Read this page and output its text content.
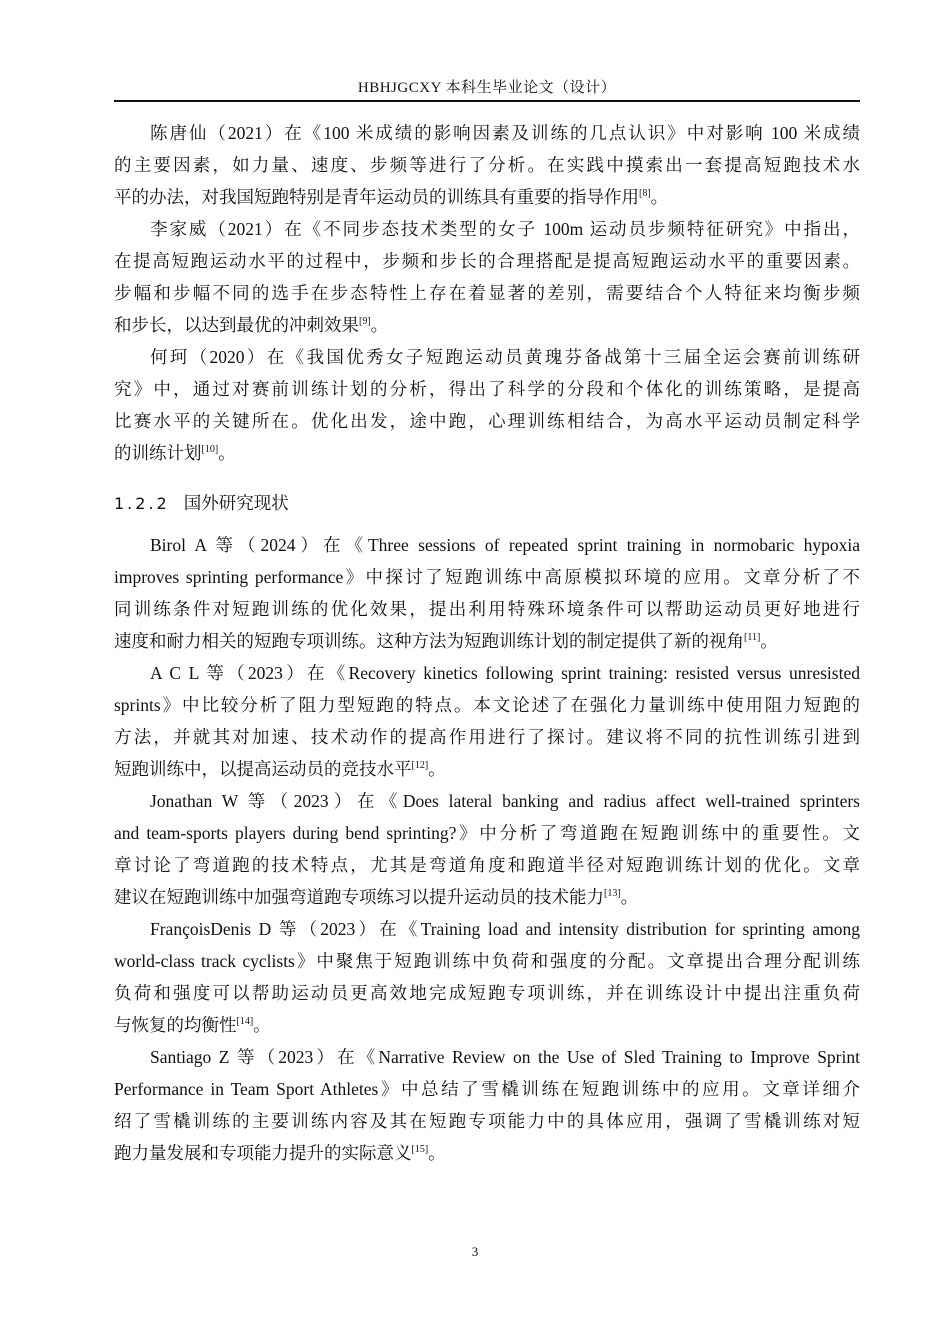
HBHJGCXY 本科生毕业论文（设计）
陈唐仙（2021）在《100 米成绩的影响因素及训练的几点认识》中对影响 100 米成绩
的主要因素，如力量、速度、步频等进行了分析。在实践中摸索出一套提高短跑技术水
平的办法，对我国短跑特别是青年运动员的训练具有重要的指导作用[8]。
李家威（2021）在《不同步态技术类型的女子 100m 运动员步频特征研究》中指出，
在提高短跑运动水平的过程中，步频和步长的合理搭配是提高短跑运动水平的重要因素。
步幅和步幅不同的选手在步态特性上存在着显著的差别，需要结合个人特征来均衡步频
和步长，以达到最优的冲刺效果[9]。
何珂（2020）在《我国优秀女子短跑运动员黄瑰芬备战第十三届全运会赛前训练研
究》中，通过对赛前训练计划的分析，得出了科学的分段和个体化的训练策略，是提高
比赛水平的关键所在。优化出发，途中跑，心理训练相结合，为高水平运动员制定科学
的训练计划[10]。
1.2.2 国外研究现状
Birol A 等（2024）在《Three sessions of repeated sprint training in normobaric hypoxia
improves sprinting performance》中探讨了短跑训练中高原模拟环境的应用。文章分析了不
同训练条件对短跑训练的优化效果，提出利用特殊环境条件可以帮助运动员更好地进行
速度和耐力相关的短跑专项训练。这种方法为短跑训练计划的制定提供了新的视角[11]。
A C L 等（2023）在《Recovery kinetics following sprint training: resisted versus unresisted
sprints》中比较分析了阻力型短跑的特点。本文论述了在强化力量训练中使用阻力短跑的
方法，并就其对加速、技术动作的提高作用进行了探讨。建议将不同的抗性训练引进到
短跑训练中，以提高运动员的竞技水平[12]。
Jonathan W 等（2023）在《Does lateral banking and radius affect well-trained sprinters
and team-sports players during bend sprinting?》中分析了弯道跑在短跑训练中的重要性。文
章讨论了弯道跑的技术特点，尤其是弯道角度和跑道半径对短跑训练计划的优化。文章
建议在短跑训练中加强弯道跑专项练习以提升运动员的技术能力[13]。
FrançoisDenis D 等（2023）在《Training load and intensity distribution for sprinting among
world-class track cyclists》中聚焦于短跑训练中负荷和强度的分配。文章提出合理分配训练
负荷和强度可以帮助运动员更高效地完成短跑专项训练，并在训练设计中提出注重负荷
与恢复的均衡性[14]。
Santiago Z 等（2023）在《Narrative Review on the Use of Sled Training to Improve Sprint
Performance in Team Sport Athletes》中总结了雪橇训练在短跑训练中的应用。文章详细介
绍了雪橇训练的主要训练内容及其在短跑专项能力中的具体应用，强调了雪橇训练对短
跑力量发展和专项能力提升的实际意义[15]。
3
